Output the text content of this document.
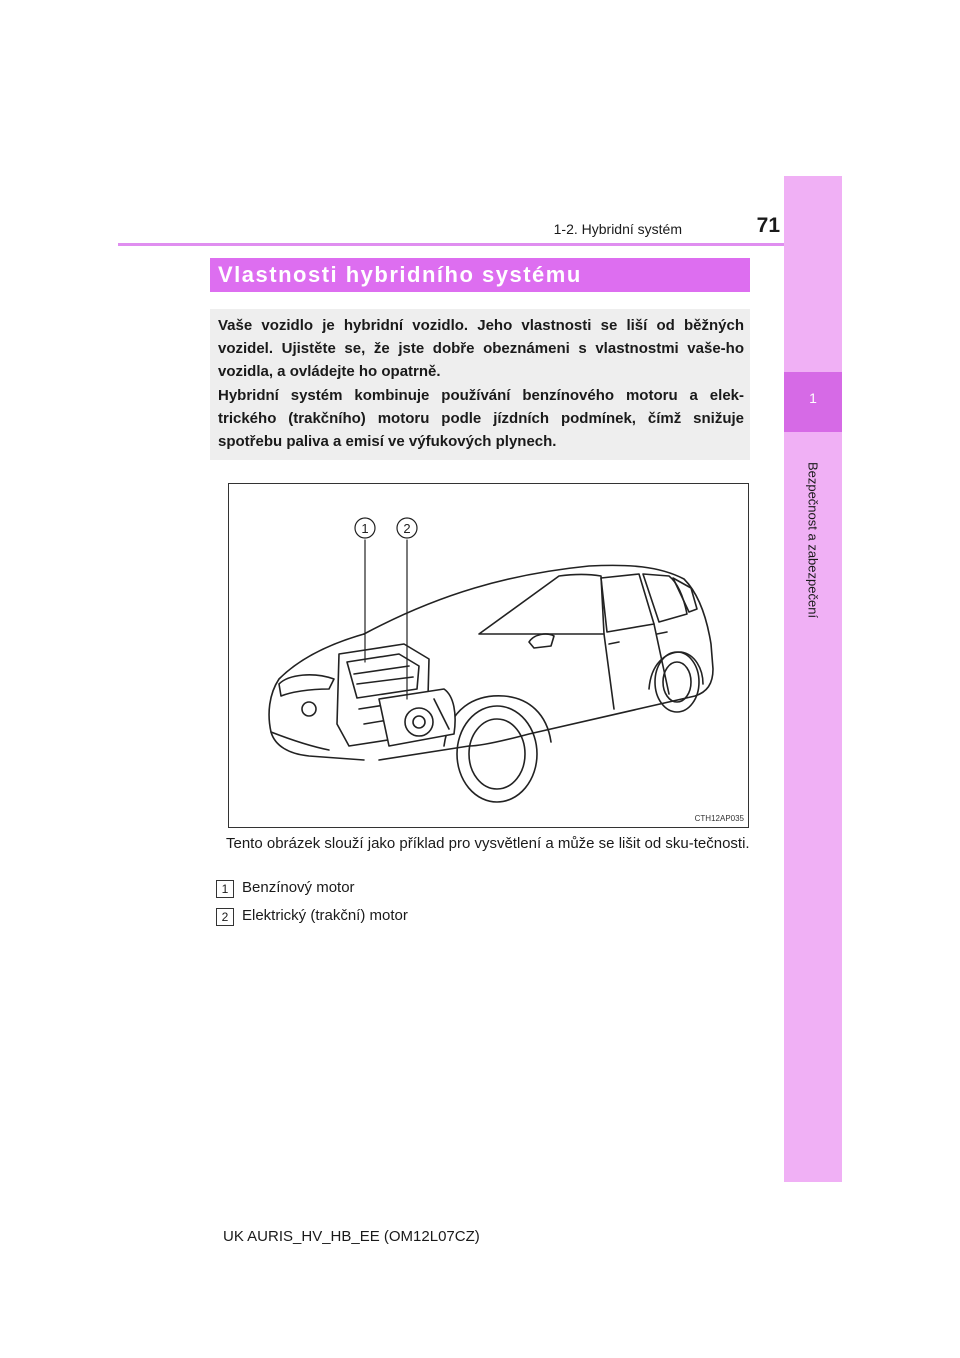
1
Bezpečnost a zabezpečení
1-2. Hybridní systém	71
Vlastnosti hybridního systému

Vaše vozidlo je hybridní vozidlo. Jeho vlastnosti se liší od běžných vozidel. Ujistěte se, že jste dobře obeznámeni s vlastnostmi vaše-ho vozidla, a ovládejte ho opatrně.

Hybridní systém kombinuje používání benzínového motoru a elek-trického (trakčního) motoru podle jízdních podmínek, čímž snižuje spotřebu paliva a emisí ve výfukových plynech.

1	2
CTH12AP035

Tento obrázek slouží jako příklad pro vysvětlení a může se lišit od sku-tečnosti.

1 Benzínový motor
2 Elektrický (trakční) motor
UK AURIS_HV_HB_EE (OM12L07CZ)
